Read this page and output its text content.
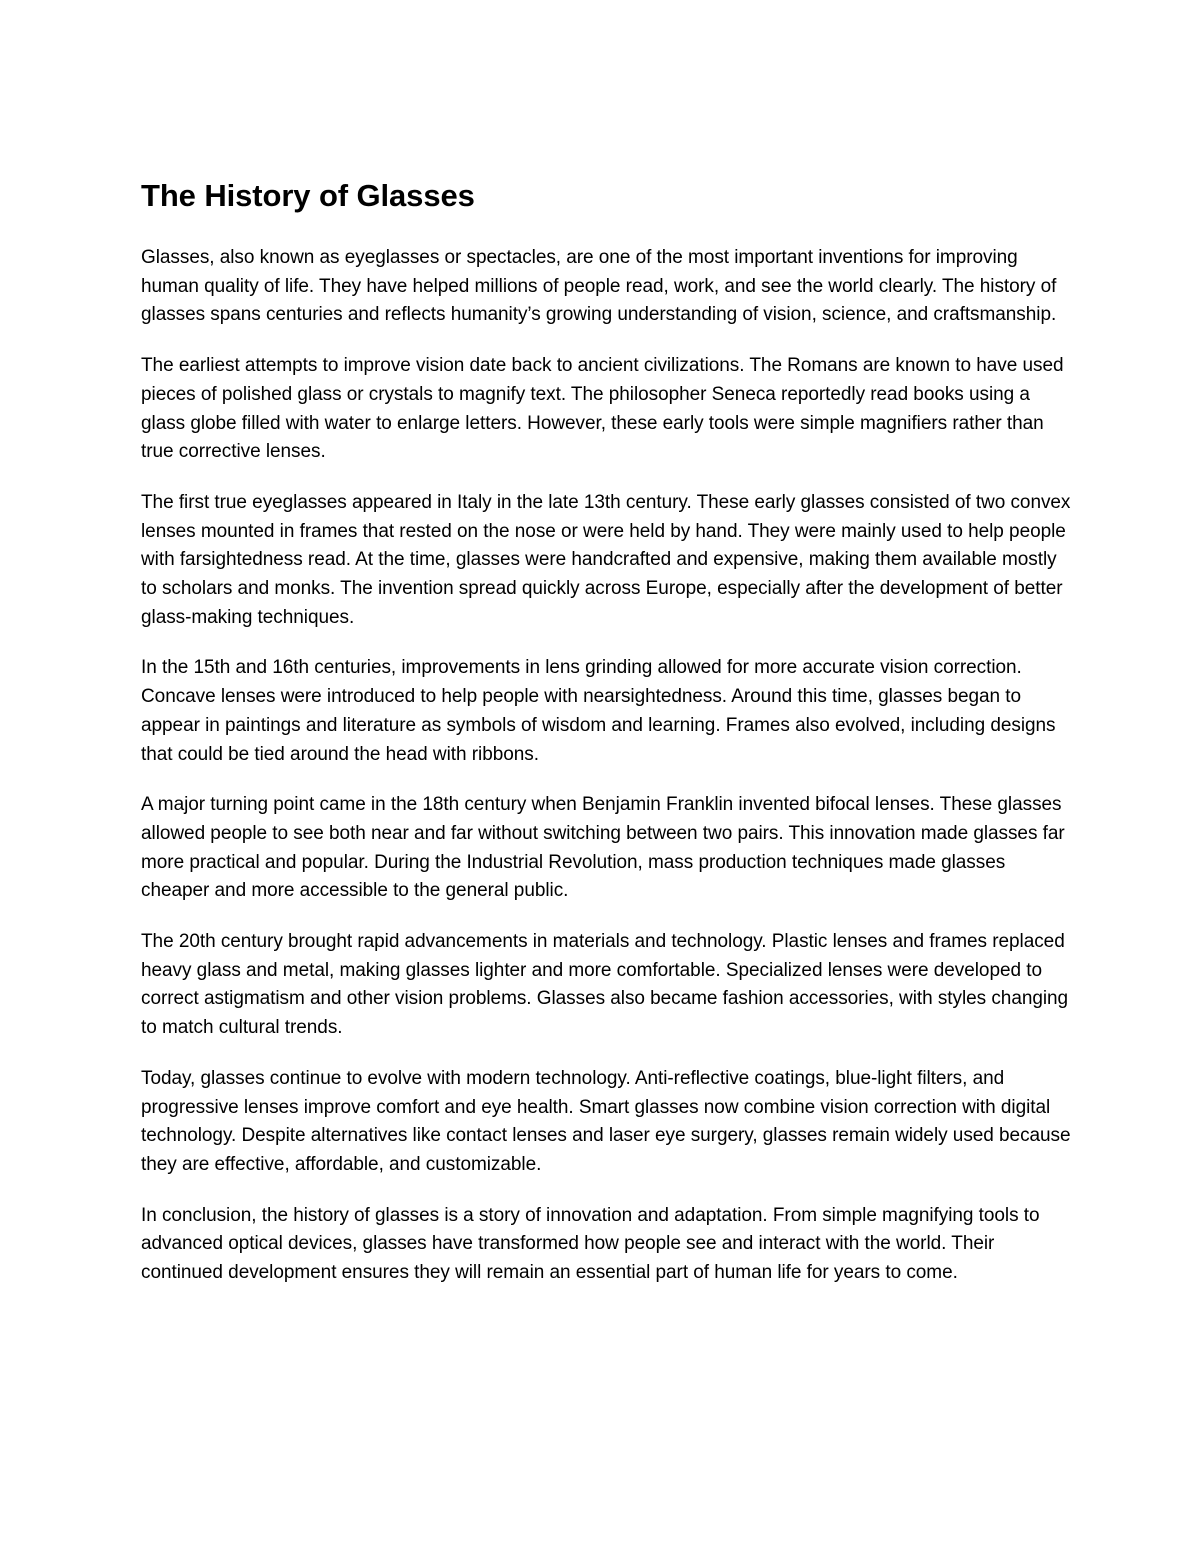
The History of Glasses

Glasses, also known as eyeglasses or spectacles, are one of the most important inventions for improving human quality of life. They have helped millions of people read, work, and see the world clearly. The history of glasses spans centuries and reflects humanity’s growing understanding of vision, science, and craftsmanship.

The earliest attempts to improve vision date back to ancient civilizations. The Romans are known to have used pieces of polished glass or crystals to magnify text. The philosopher Seneca reportedly read books using a glass globe filled with water to enlarge letters. However, these early tools were simple magnifiers rather than true corrective lenses.

The first true eyeglasses appeared in Italy in the late 13th century. These early glasses consisted of two convex lenses mounted in frames that rested on the nose or were held by hand. They were mainly used to help people with farsightedness read. At the time, glasses were handcrafted and expensive, making them available mostly to scholars and monks. The invention spread quickly across Europe, especially after the development of better glass-making techniques.

In the 15th and 16th centuries, improvements in lens grinding allowed for more accurate vision correction. Concave lenses were introduced to help people with nearsightedness. Around this time, glasses began to appear in paintings and literature as symbols of wisdom and learning. Frames also evolved, including designs that could be tied around the head with ribbons.

A major turning point came in the 18th century when Benjamin Franklin invented bifocal lenses. These glasses allowed people to see both near and far without switching between two pairs. This innovation made glasses far more practical and popular. During the Industrial Revolution, mass production techniques made glasses cheaper and more accessible to the general public.

The 20th century brought rapid advancements in materials and technology. Plastic lenses and frames replaced heavy glass and metal, making glasses lighter and more comfortable. Specialized lenses were developed to correct astigmatism and other vision problems. Glasses also became fashion accessories, with styles changing to match cultural trends.

Today, glasses continue to evolve with modern technology. Anti-reflective coatings, blue-light filters, and progressive lenses improve comfort and eye health. Smart glasses now combine vision correction with digital technology. Despite alternatives like contact lenses and laser eye surgery, glasses remain widely used because they are effective, affordable, and customizable.

In conclusion, the history of glasses is a story of innovation and adaptation. From simple magnifying tools to advanced optical devices, glasses have transformed how people see and interact with the world. Their continued development ensures they will remain an essential part of human life for years to come.
